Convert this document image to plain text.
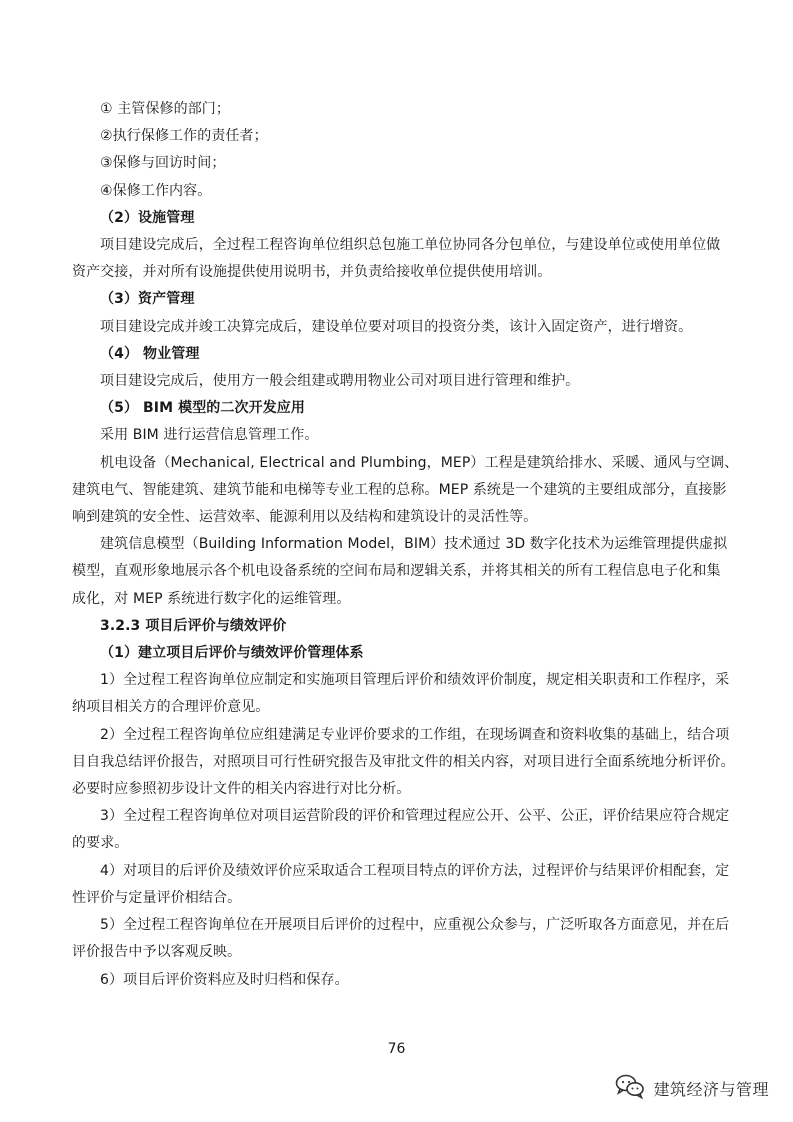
① 主管保修的部门；
②执行保修工作的责任者；
③保修与回访时间；
④保修工作内容。
（2）设施管理
项目建设完成后，全过程工程咨询单位组织总包施工单位协同各分包单位，与建设单位或使用单位做
资产交接，并对所有设施提供使用说明书，并负责给接收单位提供使用培训。
（3）资产管理
项目建设完成并竣工决算完成后，建设单位要对项目的投资分类，该计入固定资产，进行增资。
（4） 物业管理
项目建设完成后，使用方一般会组建或聘用物业公司对项目进行管理和维护。
（5） BIM 模型的二次开发应用
采用 BIM 进行运营信息管理工作。
机电设备（Mechanical, Electrical and Plumbing，MEP）工程是建筑给排水、采暖、通风与空调、
建筑电气、智能建筑、建筑节能和电梯等专业工程的总称。MEP 系统是一个建筑的主要组成部分，直接影
响到建筑的安全性、运营效率、能源利用以及结构和建筑设计的灵活性等。
建筑信息模型（Building Information Model，BIM）技术通过 3D 数字化技术为运维管理提供虚拟
模型，直观形象地展示各个机电设备系统的空间布局和逻辑关系，并将其相关的所有工程信息电子化和集
成化，对 MEP 系统进行数字化的运维管理。
3.2.3 项目后评价与绩效评价
（1）建立项目后评价与绩效评价管理体系
1）全过程工程咨询单位应制定和实施项目管理后评价和绩效评价制度，规定相关职责和工作程序，采
纳项目相关方的合理评价意见。
2）全过程工程咨询单位应组建满足专业评价要求的工作组，在现场调查和资料收集的基础上，结合项
目自我总结评价报告，对照项目可行性研究报告及审批文件的相关内容，对项目进行全面系统地分析评价。
必要时应参照初步设计文件的相关内容进行对比分析。
3）全过程工程咨询单位对项目运营阶段的评价和管理过程应公开、公平、公正，评价结果应符合规定
的要求。
4）对项目的后评价及绩效评价应采取适合工程项目特点的评价方法，过程评价与结果评价相配套，定
性评价与定量评价相结合。
5）全过程工程咨询单位在开展项目后评价的过程中，应重视公众参与，广泛听取各方面意见，并在后
评价报告中予以客观反映。
6）项目后评价资料应及时归档和保存。
76
建筑经济与管理
